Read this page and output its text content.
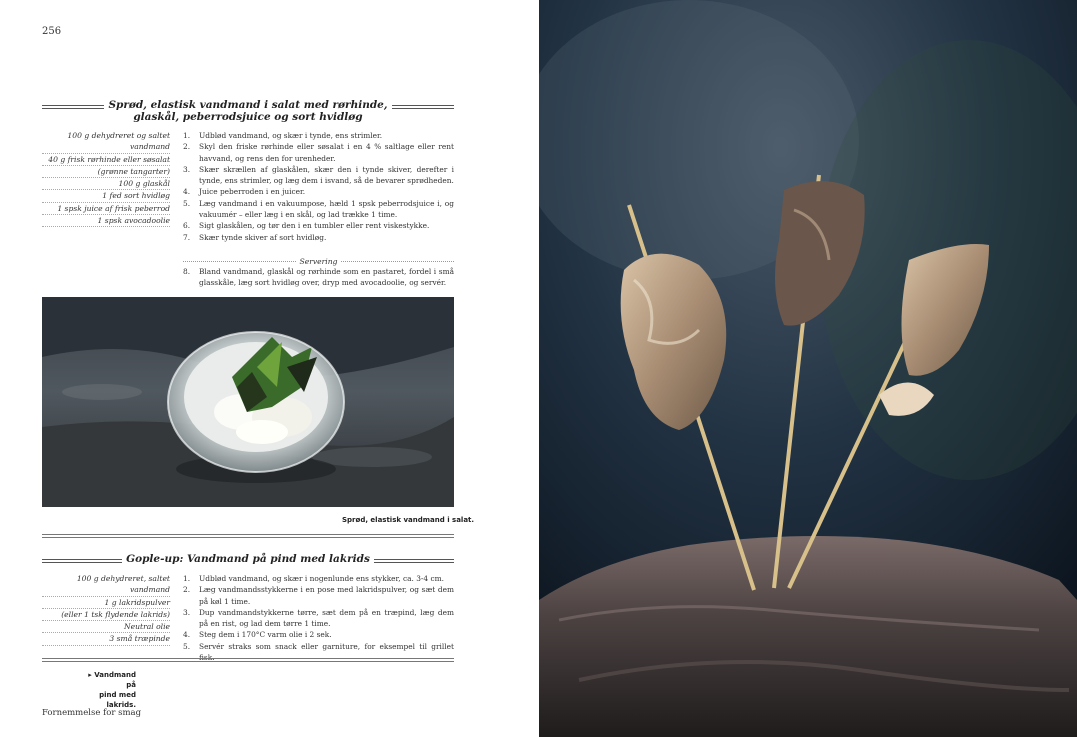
256
Sprød, elastisk vandmand i salat med rørhinde,
glaskål, peberrodsjuice og sort hvidløg
100 g dehydreret og saltet vandmand
40 g frisk rørhinde eller søsalat
(grønne tangarter)
100 g glaskål
1 fed sort hvidløg
1 spsk juice af frisk peberrod
1 spsk avocadoolie
1.	Udblød vandmand, og skær i tynde, ens strimler.
2.	Skyl den friske rørhinde eller søsalat i en 4 % saltlage eller rent havvand, og rens den for urenheder.
3.	Skær skrællen af glaskålen, skær den i tynde skiver, derefter i tynde, ens strimler, og læg dem i isvand, så de bevarer sprødheden.
4.	Juice peberroden i en juicer.
5.	Læg vandmand i en vakuumpose, hæld 1 spsk peberrodsjuice i, og vakuumér – eller læg i en skål, og lad trække 1 time.
6.	Sigt glaskålen, og tør den i en tumbler eller rent viskestykke.
7.	Skær tynde skiver af sort hvidløg.
Servering
8.	Bland vandmand, glaskål og rørhinde som en pastaret, fordel i små glasskåle, læg sort hvidløg over, dryp med avocadoolie, og servér.
Sprød, elastisk vandmand i salat.
Gople-up: Vandmand på pind med lakrids
100 g dehydreret, saltet vandmand
1 g lakridspulver
(eller 1 tsk flydende lakrids)
Neutral olie
3 små træpinde
1.	Udblød vandmand, og skær i nogenlunde ens stykker, ca. 3-4 cm.
2.	Læg vandmandsstykkerne i en pose med lakridspulver, og sæt dem på køl 1 time.
3.	Dup vandmandstykkerne tørre, sæt dem på en træpind, læg dem på en rist, og lad dem tørre 1 time.
4.	Steg dem i 170°C varm olie i 2 sek.
5.	Servér straks som snack eller garniture, for eksempel til grillet fisk.
▸ Vandmand på
pind med lakrids.
Fornemmelse for smag
